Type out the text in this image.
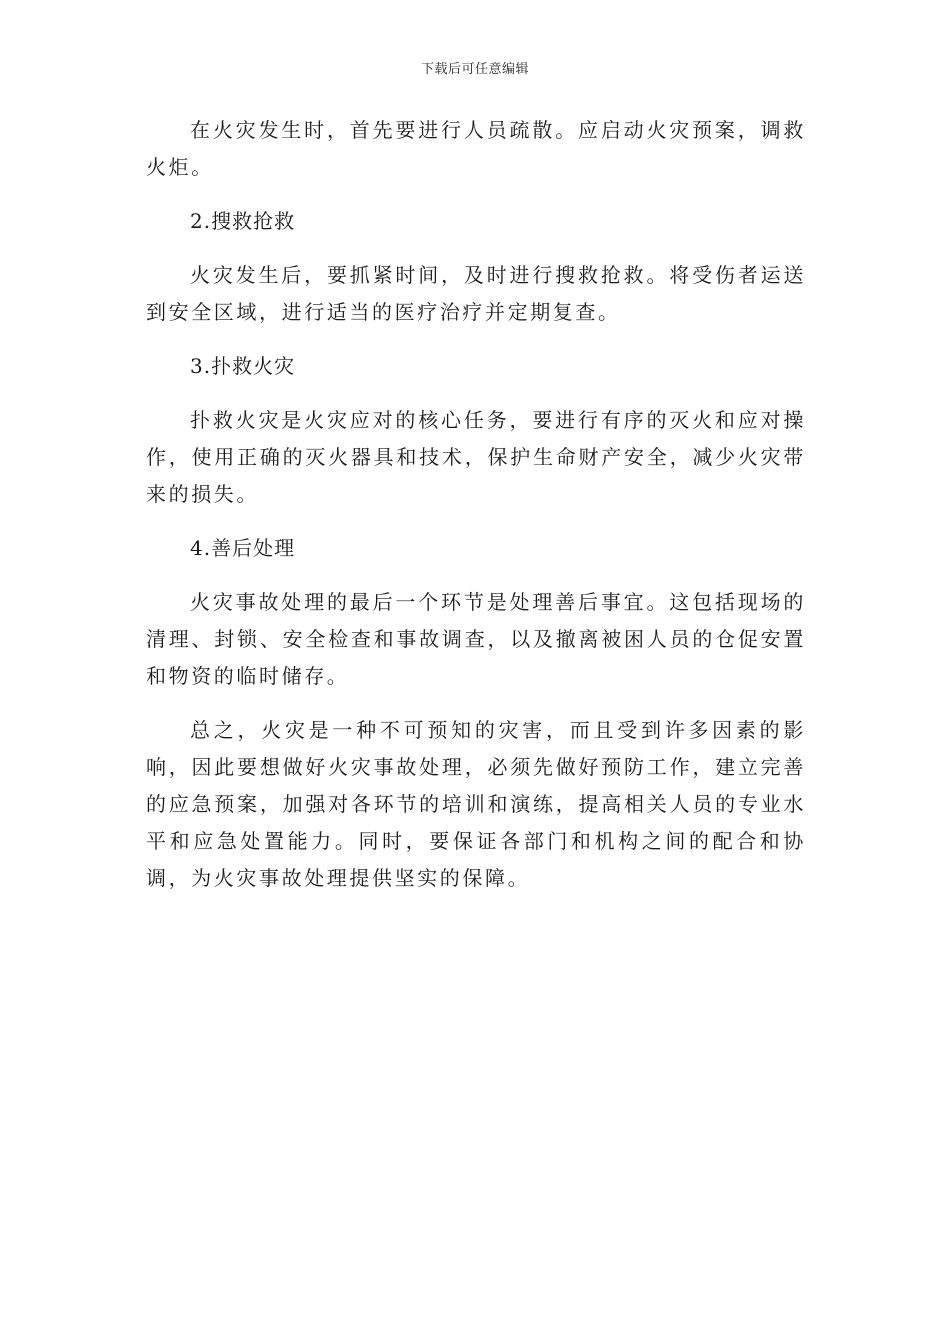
下载后可任意编辑

在火灾发生时，首先要进行人员疏散。应启动火灾预案，调救火炬。

2.搜救抢救

火灾发生后，要抓紧时间，及时进行搜救抢救。将受伤者运送到安全区域，进行适当的医疗治疗并定期复查。

3.扑救火灾

扑救火灾是火灾应对的核心任务，要进行有序的灭火和应对操作，使用正确的灭火器具和技术，保护生命财产安全，减少火灾带来的损失。

4.善后处理

火灾事故处理的最后一个环节是处理善后事宜。这包括现场的清理、封锁、安全检查和事故调查，以及撤离被困人员的仓促安置和物资的临时储存。

总之，火灾是一种不可预知的灾害，而且受到许多因素的影响，因此要想做好火灾事故处理，必须先做好预防工作，建立完善的应急预案，加强对各环节的培训和演练，提高相关人员的专业水平和应急处置能力。同时，要保证各部门和机构之间的配合和协调，为火灾事故处理提供坚实的保障。
